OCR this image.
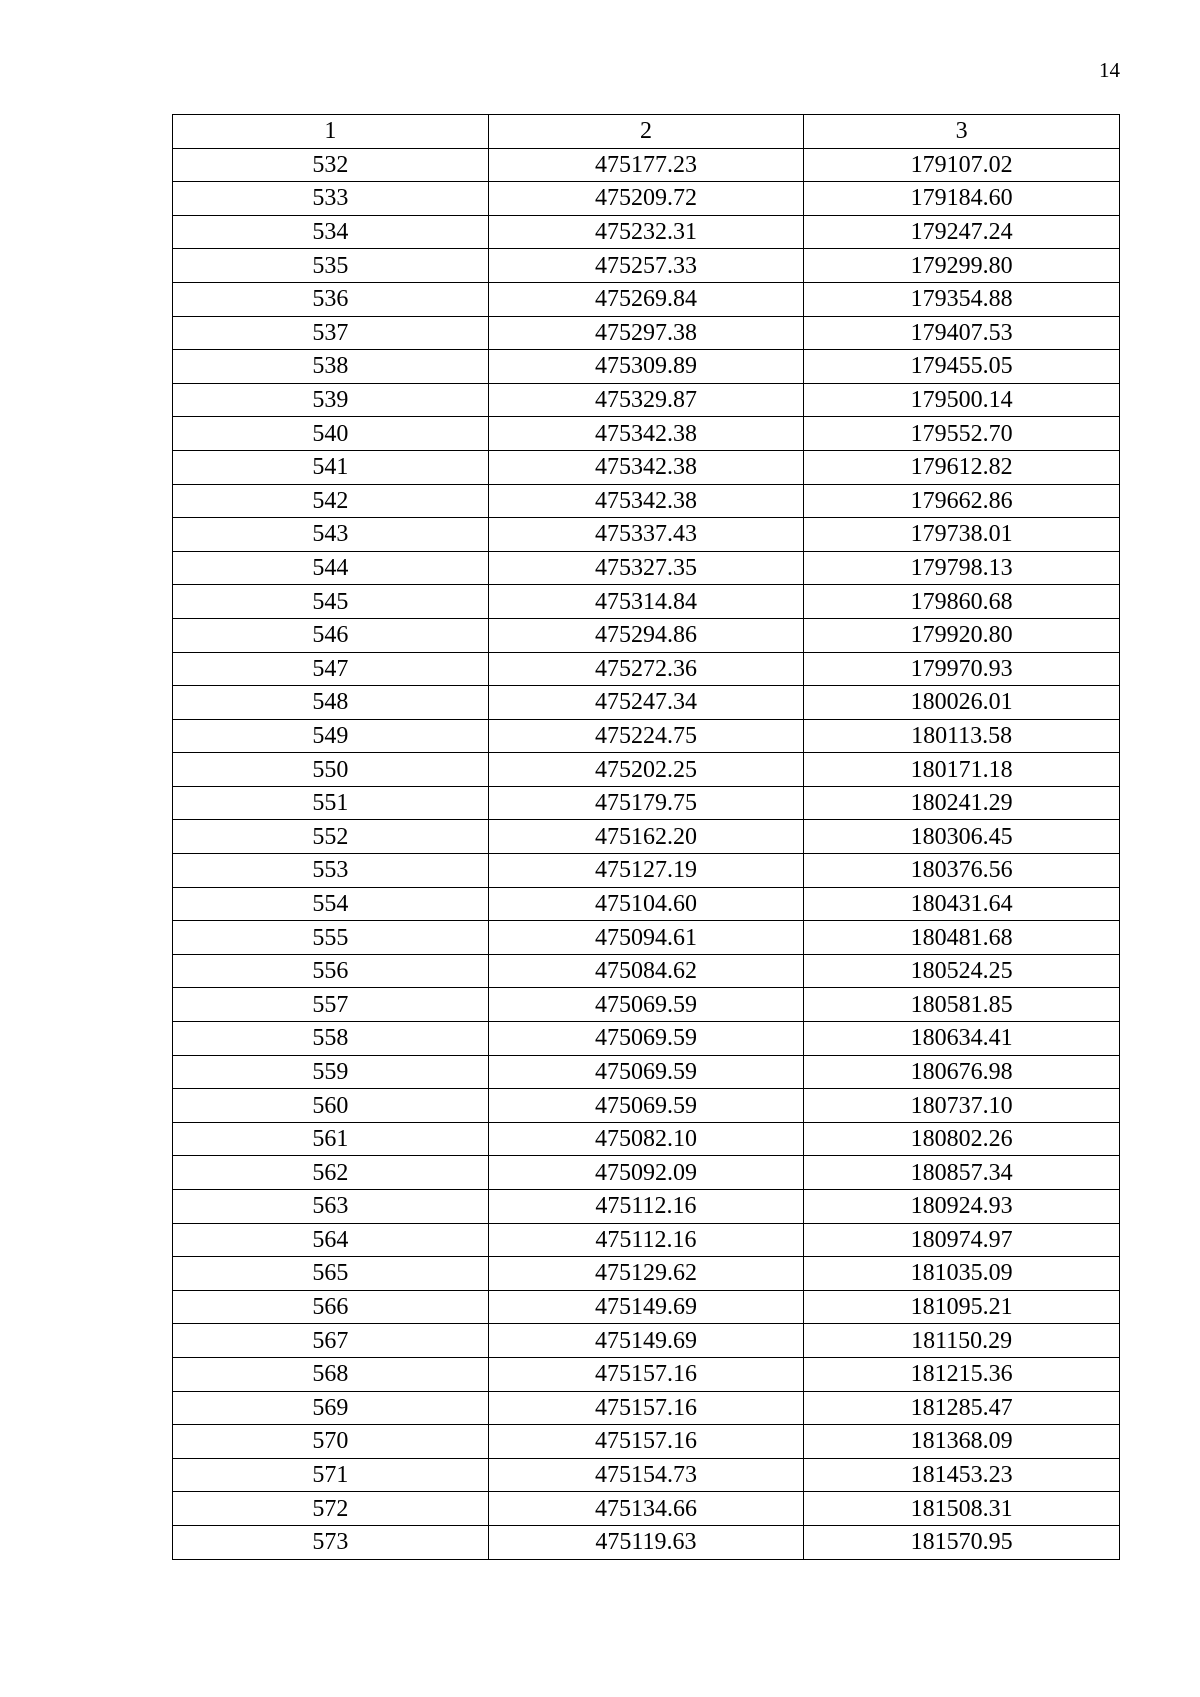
14
1	2	3
532	475177.23	179107.02
533	475209.72	179184.60
534	475232.31	179247.24
535	475257.33	179299.80
536	475269.84	179354.88
537	475297.38	179407.53
538	475309.89	179455.05
539	475329.87	179500.14
540	475342.38	179552.70
541	475342.38	179612.82
542	475342.38	179662.86
543	475337.43	179738.01
544	475327.35	179798.13
545	475314.84	179860.68
546	475294.86	179920.80
547	475272.36	179970.93
548	475247.34	180026.01
549	475224.75	180113.58
550	475202.25	180171.18
551	475179.75	180241.29
552	475162.20	180306.45
553	475127.19	180376.56
554	475104.60	180431.64
555	475094.61	180481.68
556	475084.62	180524.25
557	475069.59	180581.85
558	475069.59	180634.41
559	475069.59	180676.98
560	475069.59	180737.10
561	475082.10	180802.26
562	475092.09	180857.34
563	475112.16	180924.93
564	475112.16	180974.97
565	475129.62	181035.09
566	475149.69	181095.21
567	475149.69	181150.29
568	475157.16	181215.36
569	475157.16	181285.47
570	475157.16	181368.09
571	475154.73	181453.23
572	475134.66	181508.31
573	475119.63	181570.95
